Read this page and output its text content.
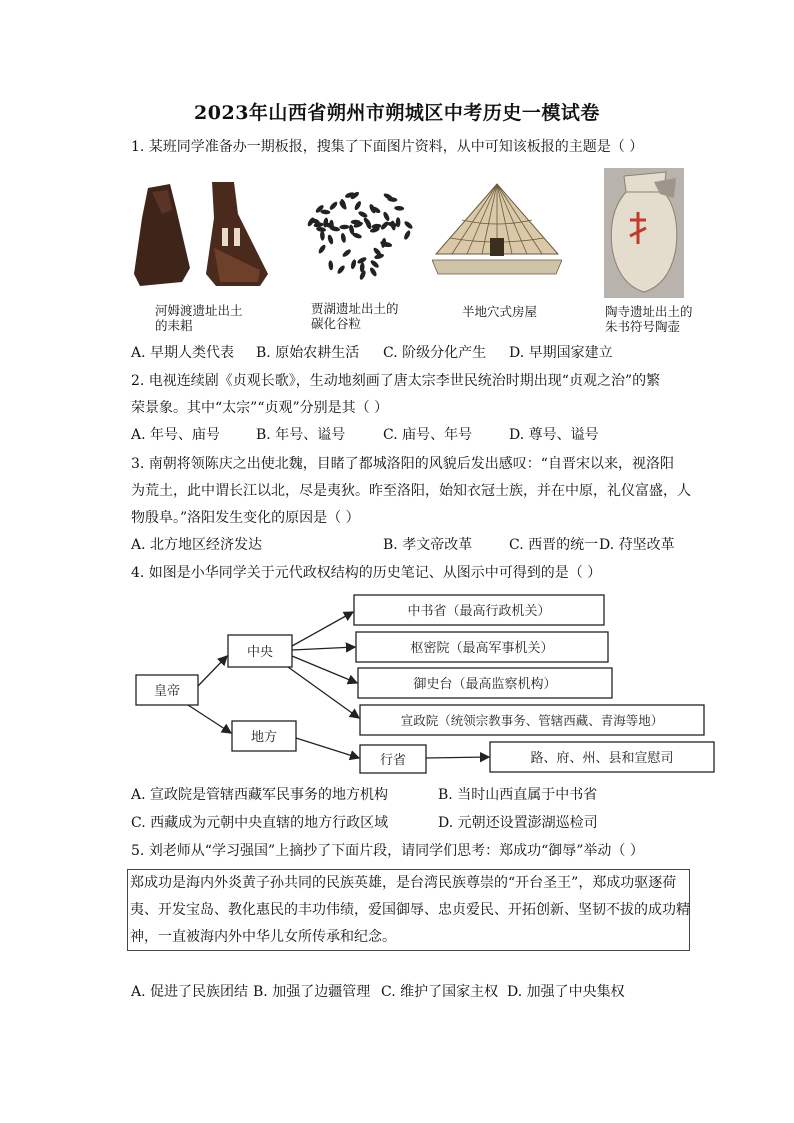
2023年山西省朔州市朔城区中考历史一模试卷
1. 某班同学准备办一期板报，搜集了下面图片资料，从中可知该板报的主题是（ ）
河姆渡遗址出土
的耒耜
贾湖遗址出土的
碳化谷粒
半地穴式房屋	陶寺遗址出土的
朱书符号陶壶
A. 早期人类代表 B. 原始农耕生活 C. 阶级分化产生 D. 早期国家建立
2. 电视连续剧《贞观长歌》，生动地刻画了唐太宗李世民统治时期出现“贞观之治”的繁
荣景象。其中“太宗”“贞观”分别是其（ ）
A. 年号、庙号	B. 年号、谥号	C. 庙号、年号	D. 尊号、谥号
3. 南朝将领陈庆之出使北魏，目睹了都城洛阳的风貌后发出感叹：“自晋宋以来，视洛阳
为荒土，此中谓长江以北，尽是夷狄。昨至洛阳，始知衣冠士族，并在中原，礼仪富盛，人
物殷阜。”洛阳发生变化的原因是（ ）
A. 北方地区经济发达	B. 孝文帝改革	C. 西晋的统一 D. 苻坚改革
4. 如图是小华同学关于元代政权结构的历史笔记、从图示中可得到的是（ ）
皇帝
中央
地方
中书省（最高行政机关）
枢密院（最高军事机关）
御史台（最高监察机构）
宣政院（统领宗教事务、管辖西藏、青海等地）
行省	路、府、州、县和宣慰司
A. 宣政院是管辖西藏军民事务的地方机构	B. 当时山西直属于中书省
C. 西藏成为元朝中央直辖的地方行政区域	D. 元朝还设置澎湖巡检司
5. 刘老师从“学习强国”上摘抄了下面片段，请同学们思考：郑成功“御辱”举动（ ）
郑成功是海内外炎黄子孙共同的民族英雄，是台湾民族尊崇的“开台圣王”，郑成功驱逐荷
夷、开发宝岛、教化惠民的丰功伟绩，爱国御辱、忠贞爱民、开拓创新、坚韧不拔的成功精
神，一直被海内外中华儿女所传承和纪念。
A. 促进了民族团结 B. 加强了边疆管理 C. 维护了国家主权 D. 加强了中央集权
